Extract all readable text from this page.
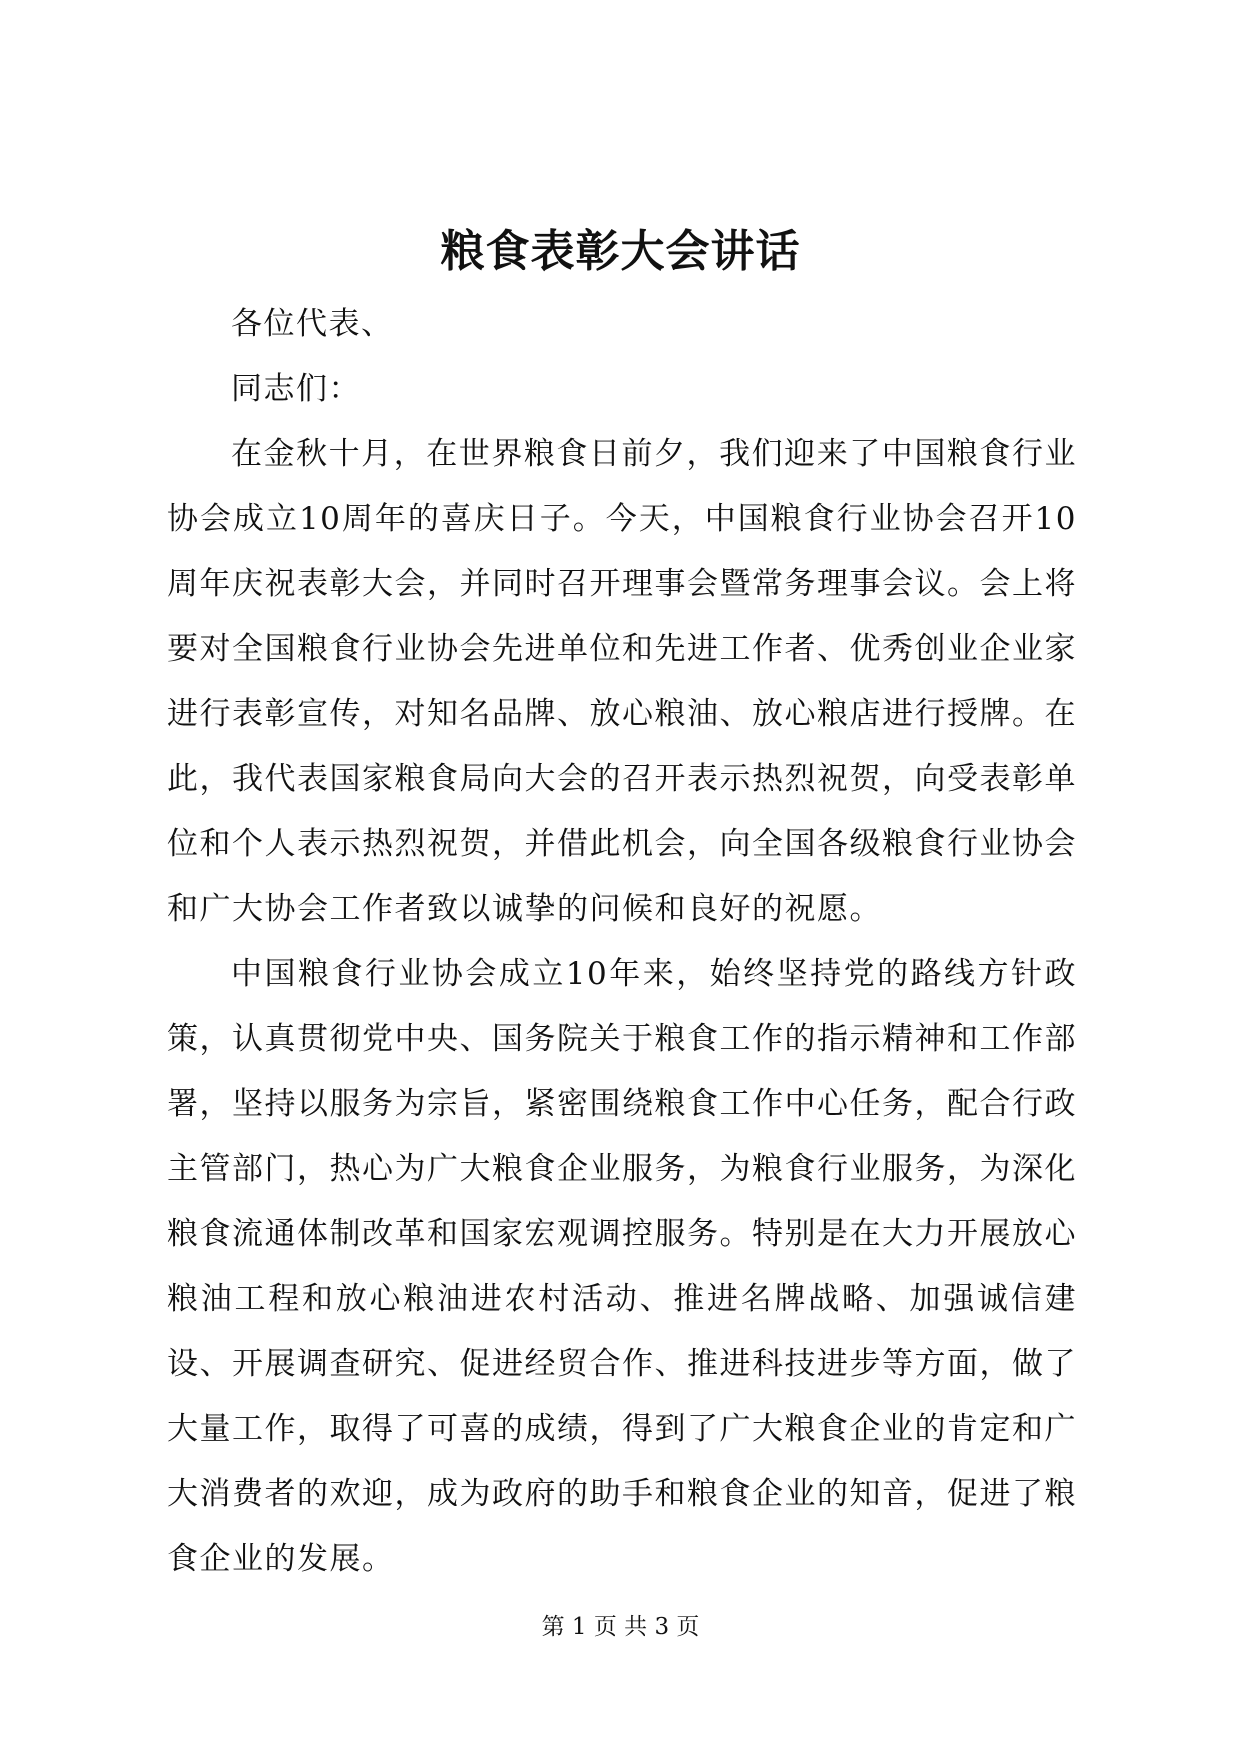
粮食表彰大会讲话

各位代表、

同志们：

在金秋十月，在世界粮食日前夕，我们迎来了中国粮食行业协会成立10周年的喜庆日子。今天，中国粮食行业协会召开10周年庆祝表彰大会，并同时召开理事会暨常务理事会议。会上将要对全国粮食行业协会先进单位和先进工作者、优秀创业企业家进行表彰宣传，对知名品牌、放心粮油、放心粮店进行授牌。在此，我代表国家粮食局向大会的召开表示热烈祝贺，向受表彰单位和个人表示热烈祝贺，并借此机会，向全国各级粮食行业协会和广大协会工作者致以诚挚的问候和良好的祝愿。

中国粮食行业协会成立10年来，始终坚持党的路线方针政策，认真贯彻党中央、国务院关于粮食工作的指示精神和工作部署，坚持以服务为宗旨，紧密围绕粮食工作中心任务，配合行政主管部门，热心为广大粮食企业服务，为粮食行业服务，为深化粮食流通体制改革和国家宏观调控服务。特别是在大力开展放心粮油工程和放心粮油进农村活动、推进名牌战略、加强诚信建设、开展调查研究、促进经贸合作、推进科技进步等方面，做了大量工作，取得了可喜的成绩，得到了广大粮食企业的肯定和广大消费者的欢迎，成为政府的助手和粮食企业的知音，促进了粮食企业的发展。

第 1 页 共 3 页
